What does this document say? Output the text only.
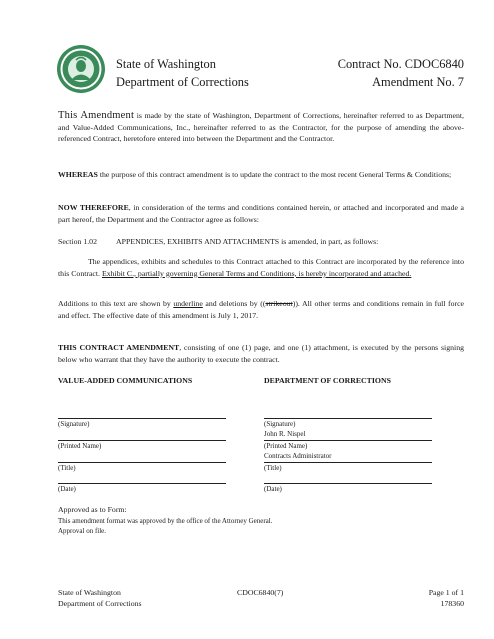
State of Washington
Department of Corrections
Contract No. CDOC6840
Amendment No. 7
This Amendment is made by the state of Washington, Department of Corrections, hereinafter referred to as Department, and Value-Added Communications, Inc., hereinafter referred to as the Contractor, for the purpose of amending the above-referenced Contract, heretofore entered into between the Department and the Contractor.
WHEREAS the purpose of this contract amendment is to update the contract to the most recent General Terms & Conditions;
NOW THEREFORE, in consideration of the terms and conditions contained herein, or attached and incorporated and made a part hereof, the Department and the Contractor agree as follows:
Section 1.02 APPENDICES, EXHIBITS AND ATTACHMENTS is amended, in part, as follows:
The appendices, exhibits and schedules to this Contract attached to this Contract are incorporated by the reference into this Contract. Exhibit C., partially governing General Terms and Conditions, is hereby incorporated and attached.
Additions to this text are shown by underline and deletions by ((strikeout)). All other terms and conditions remain in full force and effect. The effective date of this amendment is July 1, 2017.
THIS CONTRACT AMENDMENT, consisting of one (1) page, and one (1) attachment, is executed by the persons signing below who warrant that they have the authority to execute the contract.
VALUE-ADDED COMMUNICATIONS	DEPARTMENT OF CORRECTIONS
(Signature)
(Printed Name)
(Title)
(Date)
(Signature)
John R. Nispel
(Printed Name)
Contracts Administrator
(Title)
(Date)
Approved as to Form:
This amendment format was approved by the office of the Attorney General.
Approval on file.
State of Washington
Department of Corrections
CDOC6840(7)	Page 1 of 1
178360
